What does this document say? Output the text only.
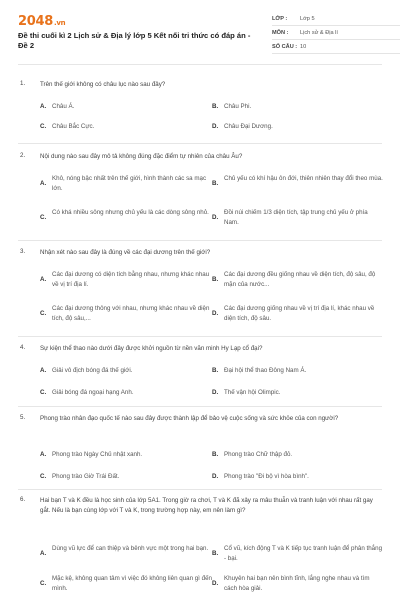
2048.vn
Đề thi cuối kì 2 Lịch sử & Địa lý lớp 5 Kết nối tri thức có đáp án - Đề 2
LỚP : Lớp 5
MÔN : Lịch sử & Địa lí
SỐ CÂU : 10
1. Trên thế giới không có châu lục nào sau đây?
A. Châu Á.	B. Châu Phi.
C. Châu Bắc Cực.	D. Châu Đại Dương.
2. Nội dung nào sau đây mô tả không đúng đặc điểm tự nhiên của châu Âu?
A.
Khô, nóng bậc nhất trên thế giới, hình thành các sa mạc lớn.
B.
Chủ yếu có khí hậu ôn đới, thiên nhiên thay đổi theo mùa.
C.
Có khá nhiều sông nhưng chủ yếu là các dòng sông nhỏ.
D.
Đồi núi chiếm 1/3 diện tích, tập trung chủ yếu ở phía Nam.
3. Nhận xét nào sau đây là đúng về các đại dương trên thế giới?
A.
Các đại dương có diện tích bằng nhau, nhưng khác nhau về vị trí địa lí.
B.
Các đại dương đều giống nhau về diện tích, độ sâu, độ mặn của nước...
C.
Các đại dương thông với nhau, nhưng khác nhau về diện tích, độ sâu,...
D.
Các đại dương giống nhau về vị trí địa lí, khác nhau về diện tích, độ sâu.
4. Sự kiện thể thao nào dưới đây được khởi nguồn từ nền văn minh Hy Lạp cổ đại?
A. Giải vô địch bóng đá thế giới.	B. Đại hội thể thao Đông Nam Á.
C. Giải bóng đá ngoại hạng Anh.	D. Thế vận hội Olimpic.
5. Phong trào nhân đạo quốc tế nào sau đây được thành lập để bảo vệ cuộc sống và sức khỏe của con người?
A. Phong trào Ngày Chủ nhật xanh.	B. Phong trào Chữ thập đỏ.
C. Phong trào Giờ Trái Đất.	D. Phong trào "Đi bộ vì hòa bình".
6. Hai bạn T và K đều là học sinh của lớp 5A1. Trong giờ ra chơi, T và K đã xảy ra mâu thuẫn và tranh luận với nhau rất gay gắt. Nếu là bạn cùng lớp với T và K, trong trường hợp này, em nên làm gì?
A.
Dùng vũ lực để can thiệp và bênh vực một trong hai bạn.
B.
Cổ vũ, kích động T và K tiếp tục tranh luận để phân thắng - bại.
C.
Mặc kệ, không quan tâm vì việc đó không liên quan gì đến mình.
D.
Khuyên hai bạn nên bình tĩnh, lắng nghe nhau và tìm cách hòa giải.
